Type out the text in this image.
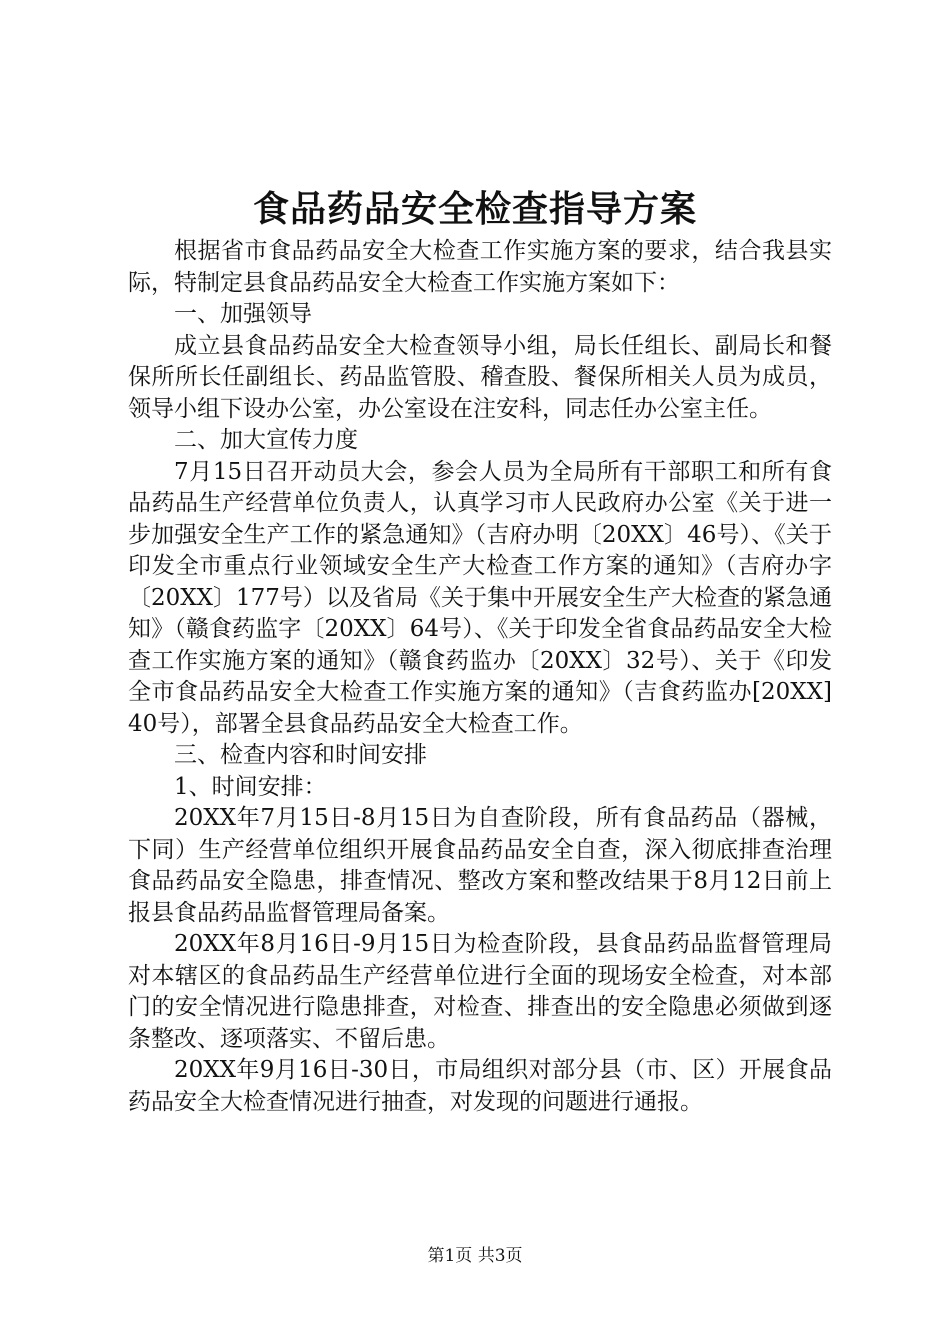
食品药品安全检查指导方案

根据省市食品药品安全大检查工作实施方案的要求，结合我县实际，特制定县食品药品安全大检查工作实施方案如下：

一、加强领导

成立县食品药品安全大检查领导小组，局长任组长、副局长和餐保所所长任副组长、药品监管股、稽查股、餐保所相关人员为成员，领导小组下设办公室，办公室设在注安科，同志任办公室主任。

二、加大宣传力度

7月15日召开动员大会，参会人员为全局所有干部职工和所有食品药品生产经营单位负责人，认真学习市人民政府办公室《关于进一步加强安全生产工作的紧急通知》（吉府办明〔20XX〕46号）、《关于印发全市重点行业领域安全生产大检查工作方案的通知》（吉府办字〔20XX〕177号）以及省局《关于集中开展安全生产大检查的紧急通知》（赣食药监字〔20XX〕64号）、《关于印发全省食品药品安全大检查工作实施方案的通知》（赣食药监办〔20XX〕32号）、关于《印发全市食品药品安全大检查工作实施方案的通知》（吉食药监办[20XX]40号），部署全县食品药品安全大检查工作。

三、检查内容和时间安排

1、时间安排：

20XX年7月15日-8月15日为自查阶段，所有食品药品（器械，下同）生产经营单位组织开展食品药品安全自查，深入彻底排查治理食品药品安全隐患，排查情况、整改方案和整改结果于8月12日前上报县食品药品监督管理局备案。

20XX年8月16日-9月15日为检查阶段，县食品药品监督管理局对本辖区的食品药品生产经营单位进行全面的现场安全检查，对本部门的安全情况进行隐患排查，对检查、排查出的安全隐患必须做到逐条整改、逐项落实、不留后患。

20XX年9月16日-30日，市局组织对部分县（市、区）开展食品药品安全大检查情况进行抽查，对发现的问题进行通报。

第1页 共3页
